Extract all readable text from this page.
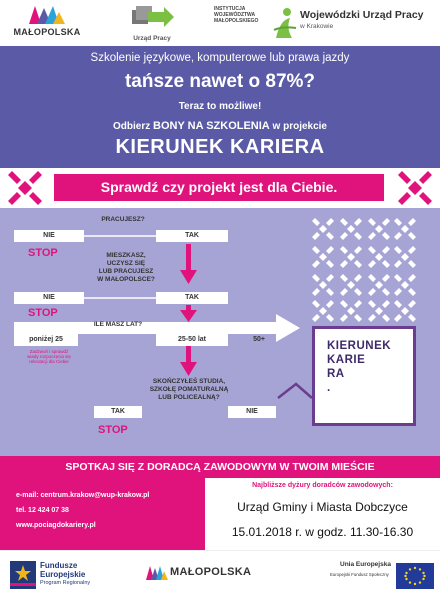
MAŁOPOLSKA
Urząd Pracy
INSTYTUCJA
WOJEWÓDZTWA
MAŁOPOLSKIEGO	Wojewódzki Urząd Pracy
w Krakowie
Szkolenie językowe, komputerowe lub prawa jazdy
tańsze nawet o 87%?
Teraz to możliwe!
Odbierz BONY NA SZKOLENIA w projekcie
KIERUNEK KARIERA
Sprawdź czy projekt jest dla Ciebie.
PRACUJESZ?
NIE	TAK
STOP	MIESZKASZ,
UCZYSZ SIĘ
LUB PRACUJESZ
W MAŁOPOLSCE?
NIE	TAK
STOP
ILE MASZ LAT?
poniżej 25	25-50 lat	50+
Zadzwoń i sprawdź
wiady rozpoczęcia się
rekrutacji dla Ciebie
SKOŃCZYŁEŚ STUDIA,
SZKOŁĘ POMATURALNĄ
LUB POLICEALNĄ?
TAK	NIE
STOP
KIERUNEK
KARIE
RA
.
SPOTKAJ SIĘ Z DORADCĄ ZAWODOWYM W TWOIM MIEŚCIE
e-mail: centrum.krakow@wup-krakow.pl
tel. 12 424 07 38
www.pociagdokariery.pl
Najbliższe dyżury doradców zawodowych:
Urząd Gminy i Miasta Dobczyce
15.01.2018 r. w godz. 11.30-16.30
Fundusze
Europejskie
Program Regionalny
MAŁOPOLSKA
Unia Europejska
Europejski Fundusz Społeczny
